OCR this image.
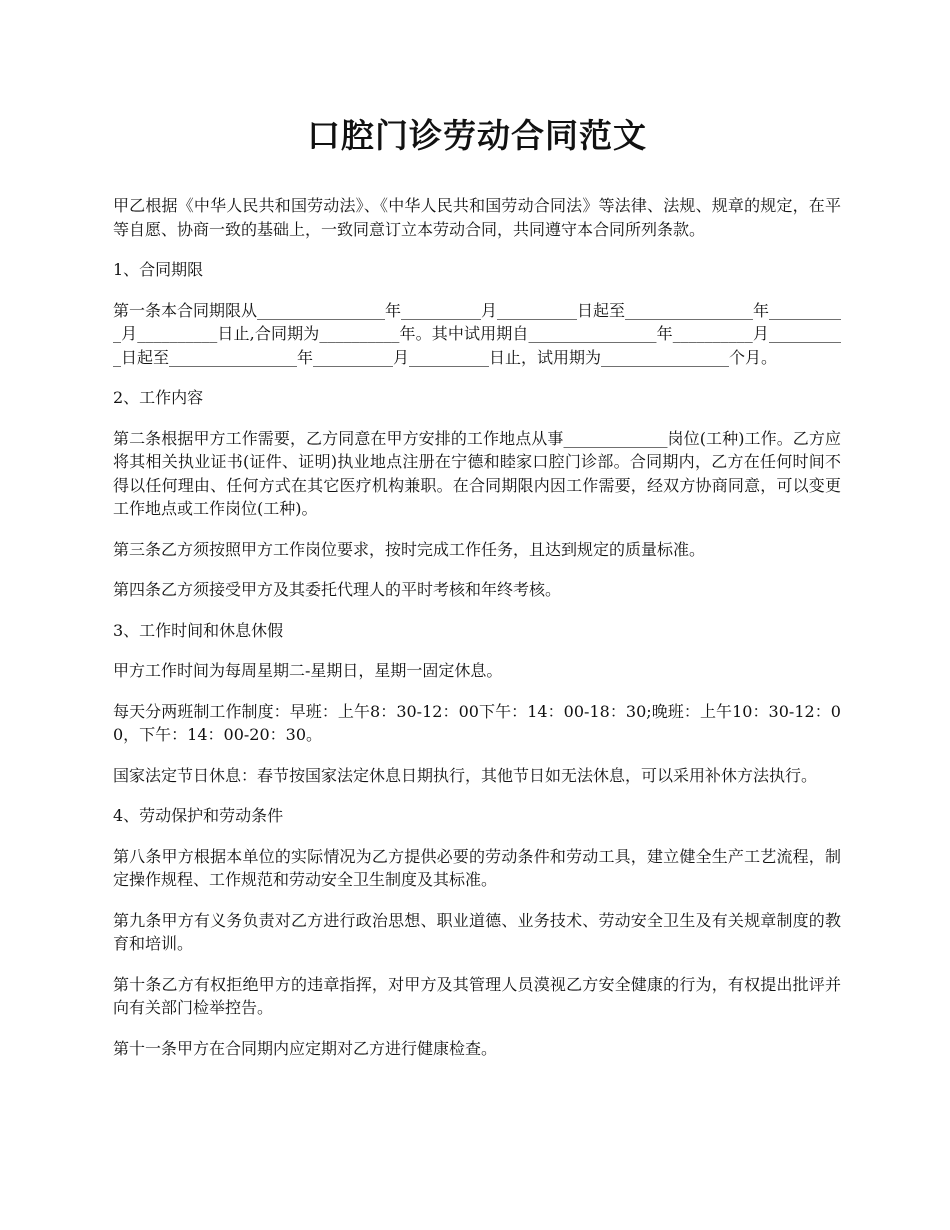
口腔门诊劳动合同范文

甲乙根据《中华人民共和国劳动法》、《中华人民共和国劳动合同法》等法律、法规、规章的规定，在平等自愿、协商一致的基础上，一致同意订立本劳动合同，共同遵守本合同所列条款。

1、合同期限

第一条本合同期限从________________年__________月__________日起至________________年__________月__________日止,合同期为__________年。其中试用期自________________年__________月__________日起至________________年__________月__________日止，试用期为________________个月。

2、工作内容

第二条根据甲方工作需要，乙方同意在甲方安排的工作地点从事_____________岗位(工种)工作。乙方应将其相关执业证书(证件、证明)执业地点注册在宁德和睦家口腔门诊部。合同期内，乙方在任何时间不得以任何理由、任何方式在其它医疗机构兼职。在合同期限内因工作需要，经双方协商同意，可以变更工作地点或工作岗位(工种)。

第三条乙方须按照甲方工作岗位要求，按时完成工作任务，且达到规定的质量标准。

第四条乙方须接受甲方及其委托代理人的平时考核和年终考核。

3、工作时间和休息休假

甲方工作时间为每周星期二-星期日，星期一固定休息。

每天分两班制工作制度：早班：上午8：30-12：00下午：14：00-18：30;晚班：上午10：30-12：00，下午：14：00-20：30。

国家法定节日休息：春节按国家法定休息日期执行，其他节日如无法休息，可以采用补休方法执行。

4、劳动保护和劳动条件

第八条甲方根据本单位的实际情况为乙方提供必要的劳动条件和劳动工具，建立健全生产工艺流程，制定操作规程、工作规范和劳动安全卫生制度及其标准。

第九条甲方有义务负责对乙方进行政治思想、职业道德、业务技术、劳动安全卫生及有关规章制度的教育和培训。

第十条乙方有权拒绝甲方的违章指挥，对甲方及其管理人员漠视乙方安全健康的行为，有权提出批评并向有关部门检举控告。

第十一条甲方在合同期内应定期对乙方进行健康检查。
